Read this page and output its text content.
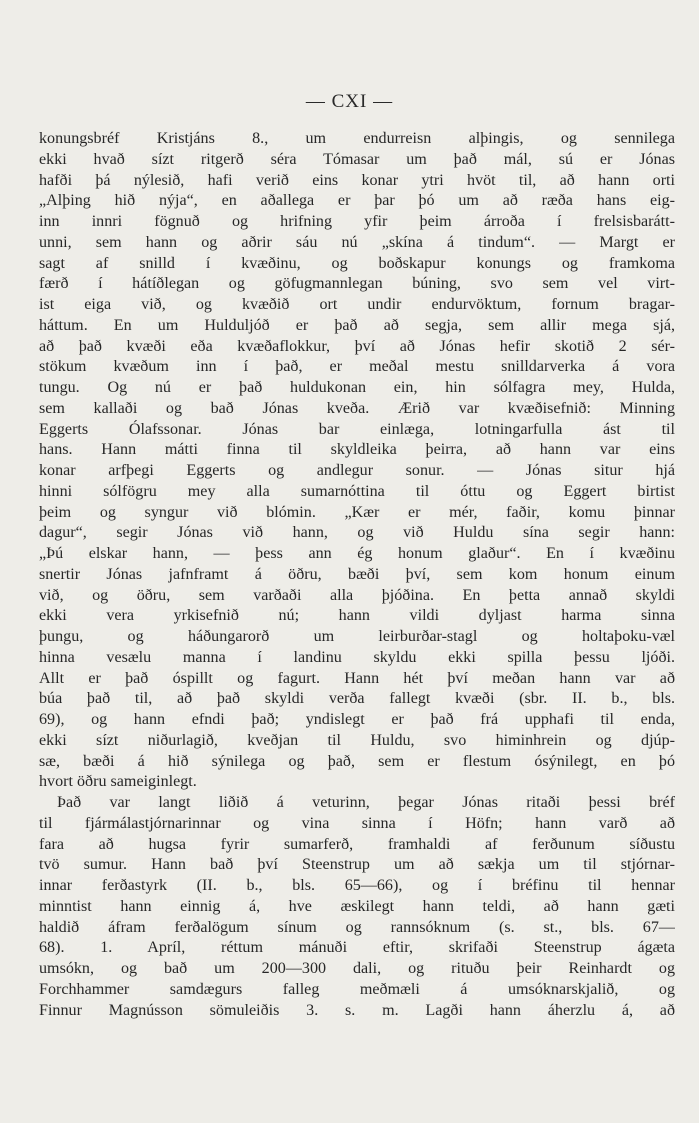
— CXI —
konungsbréf Kristjáns 8., um endurreisn alþingis, og sennilega
ekki hvað sízt ritgerð séra Tómasar um það mál, sú er Jónas
hafði þá nýlesið, hafi verið eins konar ytri hvöt til, að hann orti
„Alþing hið nýja“, en aðallega er þar þó um að ræða hans eig-
inn innri fögnuð og hrifning yfir þeim árroða í frelsisbarátt-
unni, sem hann og aðrir sáu nú „skína á tindum“. — Margt er
sagt af snilld í kvæðinu, og boðskapur konungs og framkoma
færð í hátíðlegan og göfugmannlegan búning, svo sem vel virt-
ist eiga við, og kvæðið ort undir endurvöktum, fornum bragar-
háttum. En um Hulduljóð er það að segja, sem allir mega sjá,
að það kvæði eða kvæðaflokkur, því að Jónas hefir skotið 2 sér-
stökum kvæðum inn í það, er meðal mestu snilldarverka á vora
tungu. Og nú er það huldukonan ein, hin sólfagra mey, Hulda,
sem kallaði og bað Jónas kveða. Ærið var kvæðisefnið: Minning
Eggerts Ólafssonar. Jónas bar einlæga, lotningarfulla ást til
hans. Hann mátti finna til skyldleika þeirra, að hann var eins
konar arfþegi Eggerts og andlegur sonur. — Jónas situr hjá
hinni sólfögru mey alla sumarnóttina til óttu og Eggert birtist
þeim og syngur við blómin. „Kær er mér, faðir, komu þinnar
dagur“, segir Jónas við hann, og við Huldu sína segir hann:
„Þú elskar hann, — þess ann ég honum glaður“. En í kvæðinu
snertir Jónas jafnframt á öðru, bæði því, sem kom honum einum
við, og öðru, sem varðaði alla þjóðina. En þetta annað skyldi
ekki vera yrkisefnið nú; hann vildi dyljast harma sinna
þungu, og háðungarorð um leirburðar-stagl og holtaþoku-væl
hinna vesælu manna í landinu skyldu ekki spilla þessu ljóði.
Allt er það óspillt og fagurt. Hann hét því meðan hann var að
búa það til, að það skyldi verða fallegt kvæði (sbr. II. b., bls.
69), og hann efndi það; yndislegt er það frá upphafi til enda,
ekki sízt niðurlagið, kveðjan til Huldu, svo himinhrein og djúp-
sæ, bæði á hið sýnilega og það, sem er flestum ósýnilegt, en þó
hvort öðru sameiginlegt.
Það var langt liðið á veturinn, þegar Jónas ritaði þessi bréf
til fjármálastjórnarinnar og vina sinna í Höfn; hann varð að
fara að hugsa fyrir sumarferð, framhaldi af ferðunum síðustu
tvö sumur. Hann bað því Steenstrup um að sækja um til stjórnar-
innar ferðastyrk (II. b., bls. 65—66), og í bréfinu til hennar
minntist hann einnig á, hve æskilegt hann teldi, að hann gæti
haldið áfram ferðalögum sínum og rannsóknum (s. st., bls. 67—
68). 1. Apríl, réttum mánuði eftir, skrifaði Steenstrup ágæta
umsókn, og bað um 200—300 dali, og rituðu þeir Reinhardt og
Forchhammer samdægurs falleg meðmæli á umsóknarskjalið, og
Finnur Magnússon sömuleiðis 3. s. m. Lagði hann áherzlu á, að
